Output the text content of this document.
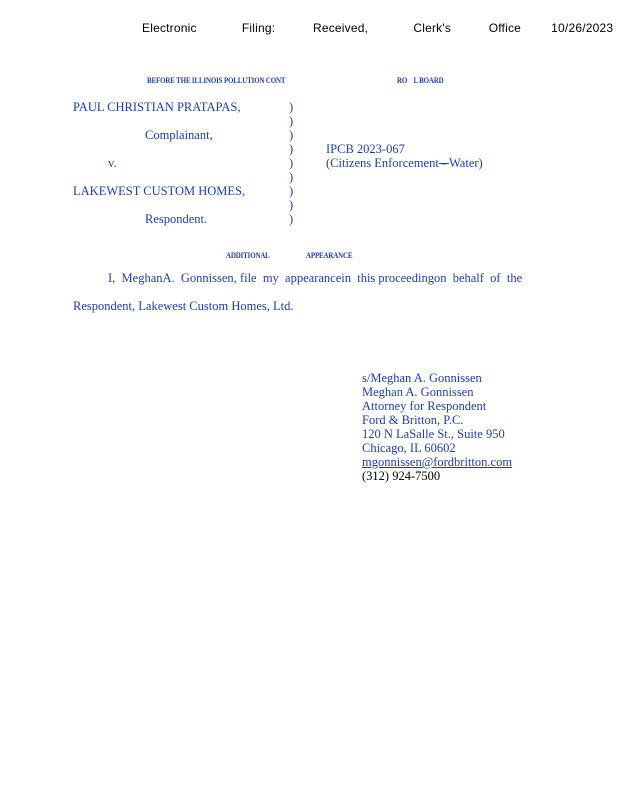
Electronic      Filing:     Received,      Clerk's     Office    10/26/2023
BEFORE THE ILLINOIS POLLUTION CONT	RO    L BOARD
PAUL CHRISTIAN PRATAPAS,
Complainant,
v.
LAKEWEST CUSTOM HOMES,
Respondent.
)
)
)
)
)
)
)
)
)
IPCB 2023-067
(Citizens Enforcement - Water)
ADDITIONAL	APPEARANCE
I,  MeghanA.  Gonnissen, file  my  appearancein  this proceedingon  behalf  of  the
Respondent, Lakewest Custom Homes, Ltd.
s/Meghan A. Gonnissen
Meghan A. Gonnissen
Attorney for Respondent
Ford & Britton, P.C.
120 N LaSalle St., Suite 950
Chicago, IL 60602
mgonnissen@fordbritton.com
(312) 924-7500
